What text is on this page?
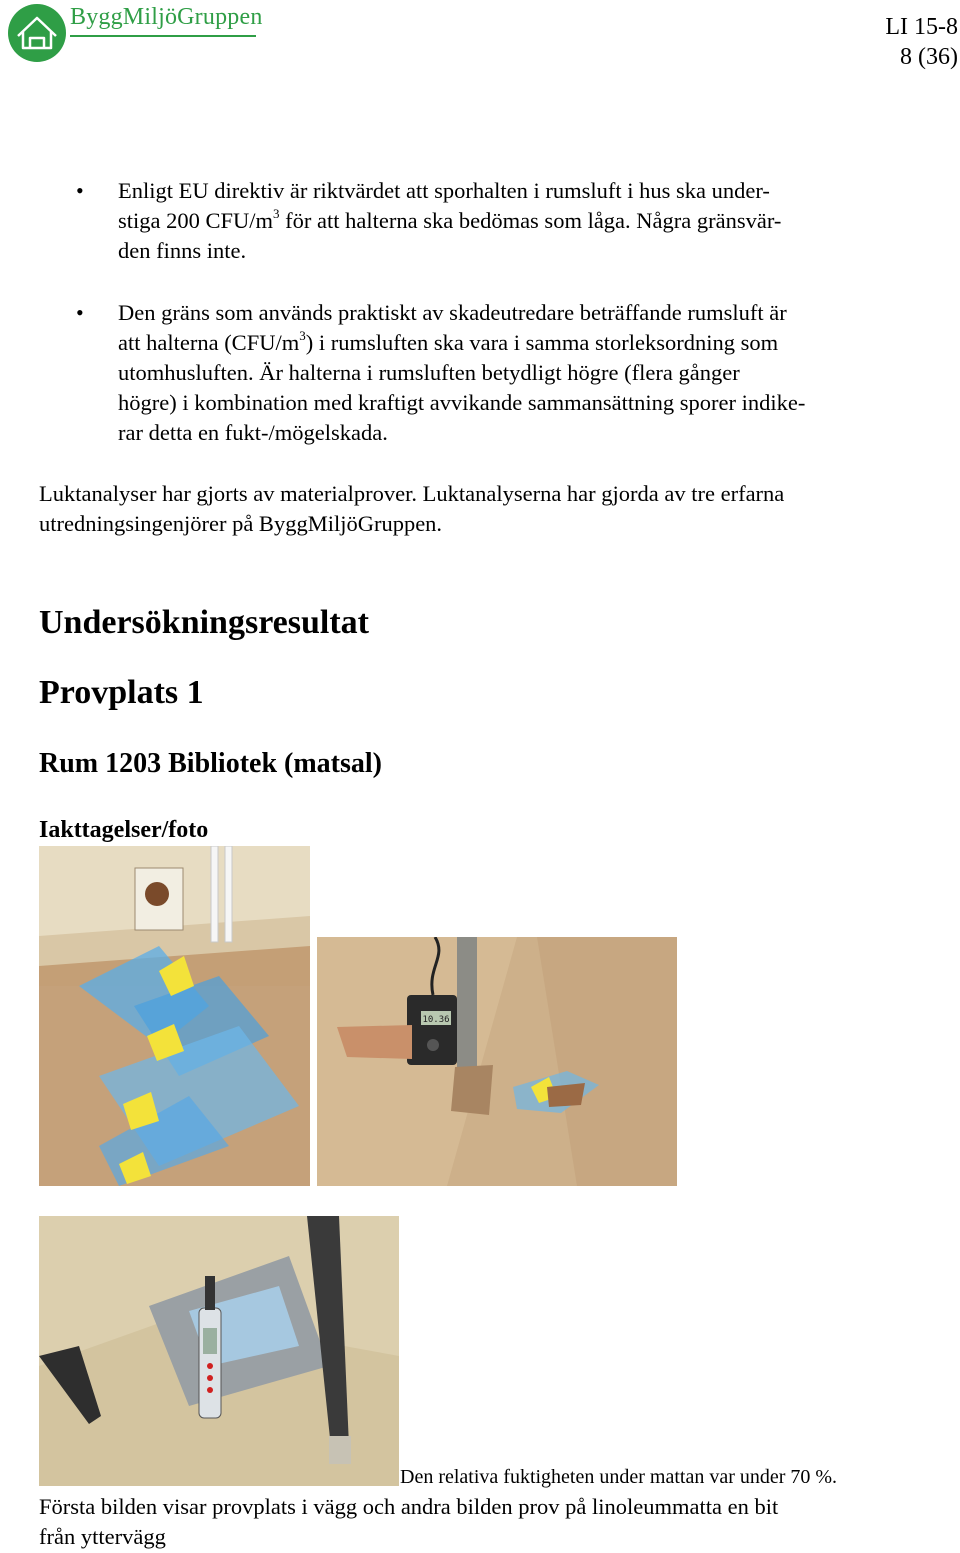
ByggMiljöGruppen	LI 15-8
8 (36)
• Enligt EU direktiv är riktvärdet att sporhalten i rumsluft i hus ska under-
stiga 200 CFU/$m^3$ för att halterna ska bedömas som låga. Några gränsvär-
den finns inte.
• Den gräns som används praktiskt av skadeutredare beträffande rumsluft är
att halterna $(CFU/m^3)$ i rumsluften ska vara i samma storleksordning som
utomhusluften. Är halterna i rumsluften betydligt högre (flera gånger
högre) i kombination med kraftigt avvikande sammansättning sporer indike-
rar detta en fukt-/mögelskada.
Luktanalyser har gjorts av materialprover. Luktanalyserna har gjorda av tre erfarna
utredningsingenjörer på ByggMiljöGruppen.
Undersökningsresultat
Provplats 1
Rum 1203 Bibliotek (matsal)
Iakttagelser/foto
10.36
Den relativa fuktigheten under mattan var under 70 %.
Första bilden visar provplats i vägg och andra bilden prov på linoleummatta en bit
från yttervägg
